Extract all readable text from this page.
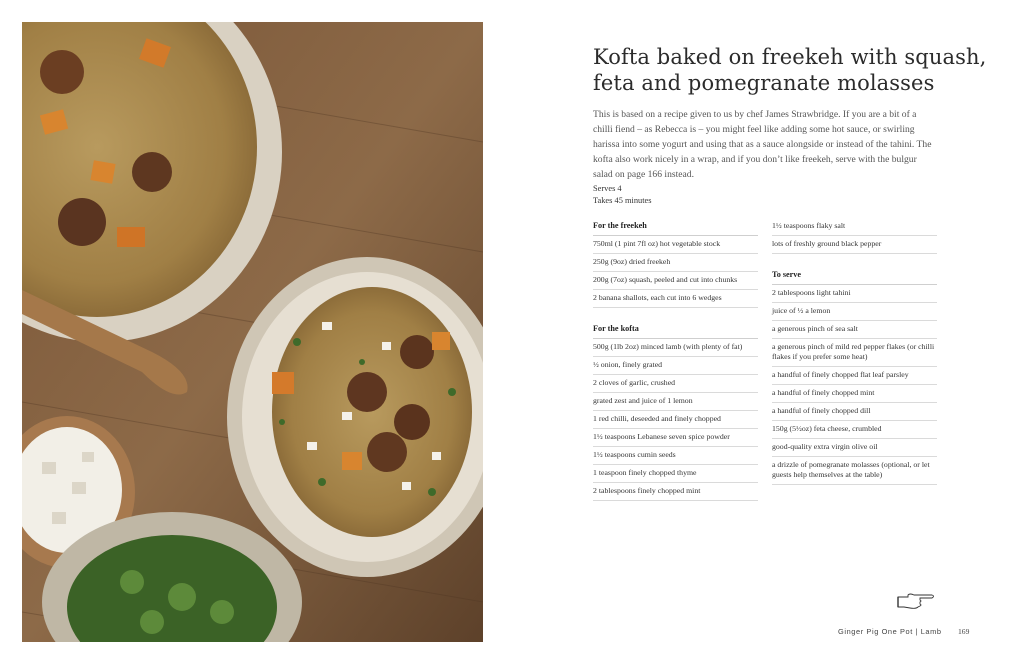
Kofta baked on freekeh with squash,
feta and pomegranate molasses
This is based on a recipe given to us by chef James Strawbridge. If you are a bit of a chilli fiend – as Rebecca is – you might feel like adding some hot sauce, or swirling harissa into some yogurt and using that as a sauce alongside or instead of the tahini. The kofta also work nicely in a wrap, and if you don’t like freekeh, serve with the bulgur salad on page 166 instead.
Serves 4
Takes 45 minutes
For the freekeh
750ml (1 pint 7fl oz) hot vegetable stock
250g (9oz) dried freekeh
200g (7oz) squash, peeled and cut into chunks
2 banana shallots, each cut into 6 wedges
For the kofta
500g (1lb 2oz) minced lamb (with plenty of fat)
½ onion, finely grated
2 cloves of garlic, crushed
grated zest and juice of 1 lemon
1 red chilli, deseeded and finely chopped
1½ teaspoons Lebanese seven spice powder
1½ teaspoons cumin seeds
1 teaspoon finely chopped thyme
2 tablespoons finely chopped mint
1½ teaspoons flaky salt
lots of freshly ground black pepper
To serve
2 tablespoons light tahini
juice of ½ a lemon
a generous pinch of sea salt
a generous pinch of mild red pepper flakes (or chilli flakes if you prefer some heat)
a handful of finely chopped flat leaf parsley
a handful of finely chopped mint
a handful of finely chopped dill
150g (5½oz) feta cheese, crumbled
good-quality extra virgin olive oil
a drizzle of pomegranate molasses (optional, or let guests help themselves at the table)
Ginger Pig One Pot | Lamb 169
